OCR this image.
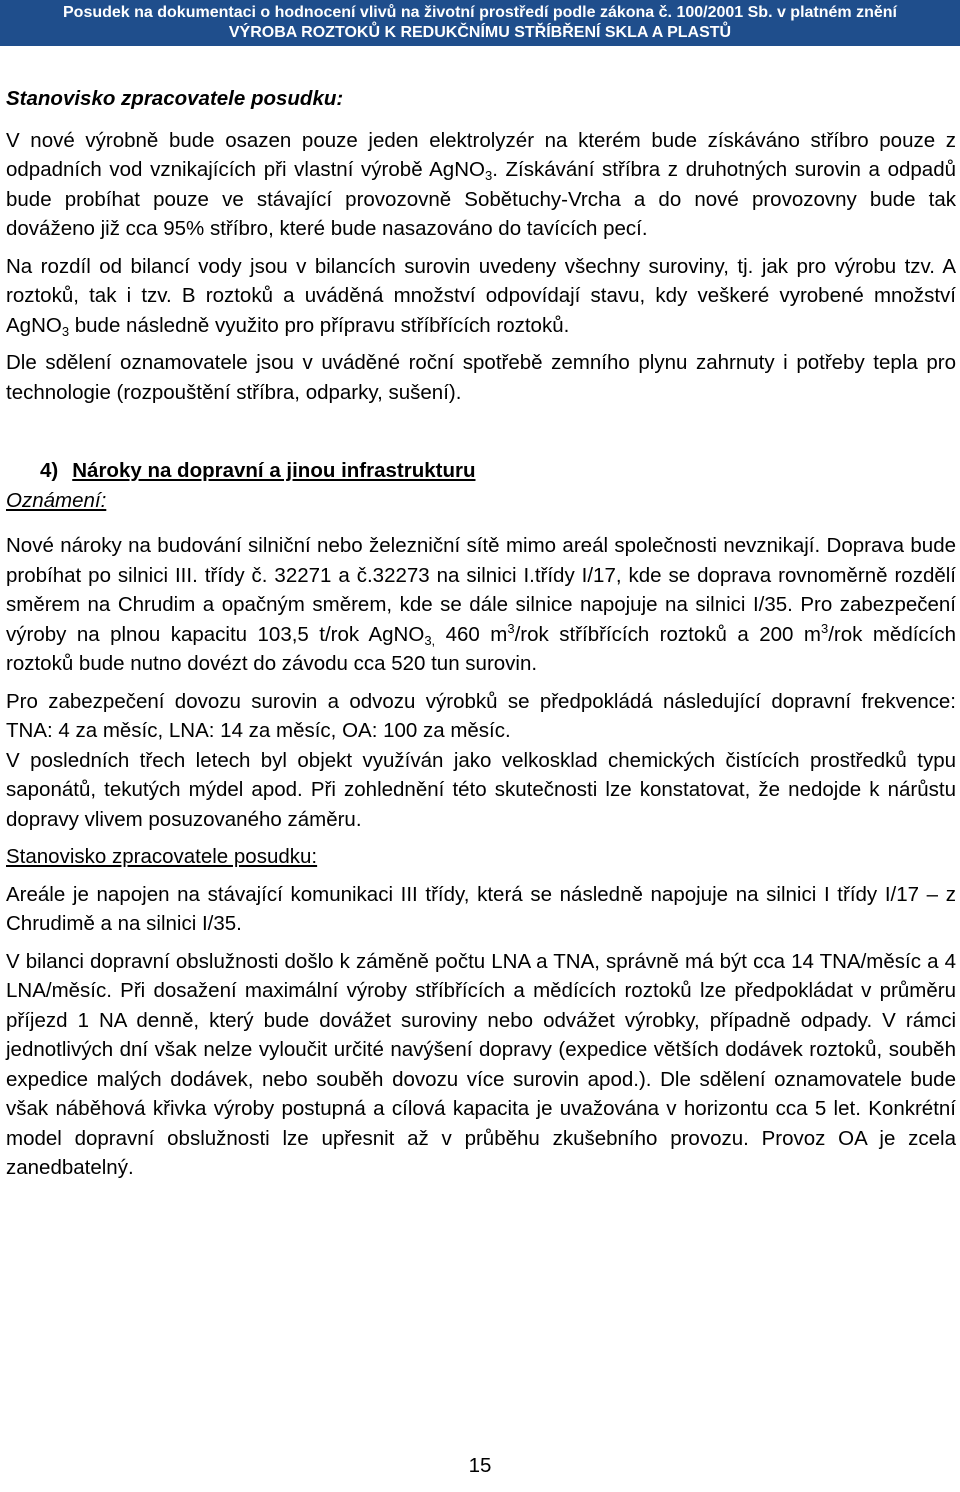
Posudek na dokumentaci o hodnocení vlivů na životní prostředí podle zákona č. 100/2001 Sb. v platném znění
VÝROBA ROZTOKŮ K REDUKČNÍMU STŘÍBŘENÍ SKLA A PLASTŮ

Stanovisko zpracovatele posudku:

V nové výrobně bude osazen pouze jeden elektrolyzér na kterém bude získáváno stříbro pouze z odpadních vod vznikajících při vlastní výrobě AgNO$_3$. Získávání stříbra z druhotných surovin a odpadů bude probíhat pouze ve stávající provozovně Sobětuchy-Vrcha a do nové provozovny bude tak dováženo již cca 95% stříbro, které bude nasazováno do tavících pecí.

Na rozdíl od bilancí vody jsou v bilancích surovin uvedeny všechny suroviny, tj. jak pro výrobu tzv. A roztoků, tak i tzv. B roztoků a uváděná množství odpovídají stavu, kdy veškeré vyrobené množství AgNO$_3$ bude následně využito pro přípravu stříbřících roztoků.

Dle sdělení oznamovatele jsou v uváděné roční spotřebě zemního plynu zahrnuty i potřeby tepla pro technologie (rozpouštění stříbra, odparky, sušení).

4) Nároky na dopravní a jinou infrastrukturu

Oznámení:

Nové nároky na budování silniční nebo železniční sítě mimo areál společnosti nevznikají. Doprava bude probíhat po silnici III. třídy č. 32271 a č.32273 na silnici I.třídy I/17, kde se doprava rovnoměrně rozdělí směrem na Chrudim a opačným směrem, kde se dále silnice napojuje na silnici I/35. Pro zabezpečení výroby na plnou kapacitu 103,5 t/rok AgNO$_{3,}$ 460 $m^3$/rok stříbřících roztoků a 200 $m^3$/rok mědících roztoků bude nutno dovézt do závodu cca 520 tun surovin.

Pro zabezpečení dovozu surovin a odvozu výrobků se předpokládá následující dopravní frekvence: TNA: 4 za měsíc, LNA: 14 za měsíc, OA: 100 za měsíc.

V posledních třech letech byl objekt využíván jako velkosklad chemických čistících prostředků typu saponátů, tekutých mýdel apod. Při zohlednění této skutečnosti lze konstatovat, že nedojde k nárůstu dopravy vlivem posuzovaného záměru.

Stanovisko zpracovatele posudku:

Areále je napojen na stávající komunikaci III třídy, která se následně napojuje na silnici I třídy I/17 – z Chrudimě a na silnici I/35.

V bilanci dopravní obslužnosti došlo k záměně počtu LNA a TNA, správně má být cca 14 TNA/měsíc a 4 LNA/měsíc. Při dosažení maximální výroby stříbřících a mědících roztoků lze předpokládat v průměru příjezd 1 NA denně, který bude dovážet suroviny nebo odvážet výrobky, případně odpady. V rámci jednotlivých dní však nelze vyloučit určité navýšení dopravy (expedice větších dodávek roztoků, souběh expedice malých dodávek, nebo souběh dovozu více surovin apod.). Dle sdělení oznamovatele bude však náběhová křivka výroby postupná a cílová kapacita je uvažována v horizontu cca 5 let. Konkrétní model dopravní obslužnosti lze upřesnit až v průběhu zkušebního provozu. Provoz OA je zcela zanedbatelný.

15
